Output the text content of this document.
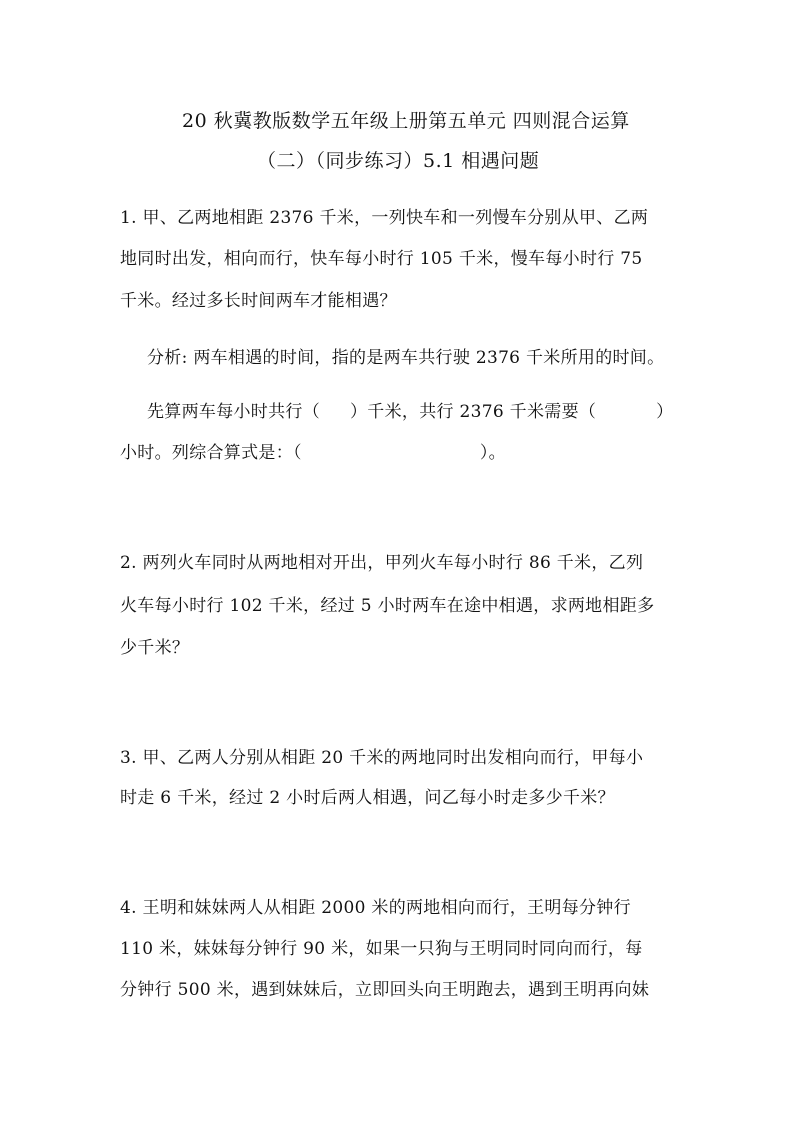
20 秋冀教版数学五年级上册第五单元 四则混合运算
（二）（同步练习）5.1 相遇问题
1. 甲、乙两地相距 2376 千米，一列快车和一列慢车分别从甲、乙两
地同时出发，相向而行，快车每小时行 105 千米，慢车每小时行 75
千米。经过多长时间两车才能相遇？
分析: 两车相遇的时间，指的是两车共行驶 2376 千米所用的时间。
先算两车每小时共行（ ）千米，共行 2376 千米需要（	）
小时。列综合算式是：（	）。
2. 两列火车同时从两地相对开出，甲列火车每小时行 86 千米，乙列
火车每小时行 102 千米，经过 5 小时两车在途中相遇，求两地相距多
少千米？
3. 甲、乙两人分别从相距 20 千米的两地同时出发相向而行，甲每小
时走 6 千米，经过 2 小时后两人相遇，问乙每小时走多少千米？
4. 王明和妹妹两人从相距 2000 米的两地相向而行，王明每分钟行
110 米，妹妹每分钟行 90 米，如果一只狗与王明同时同向而行，每
分钟行 500 米，遇到妹妹后，立即回头向王明跑去，遇到王明再向妹
